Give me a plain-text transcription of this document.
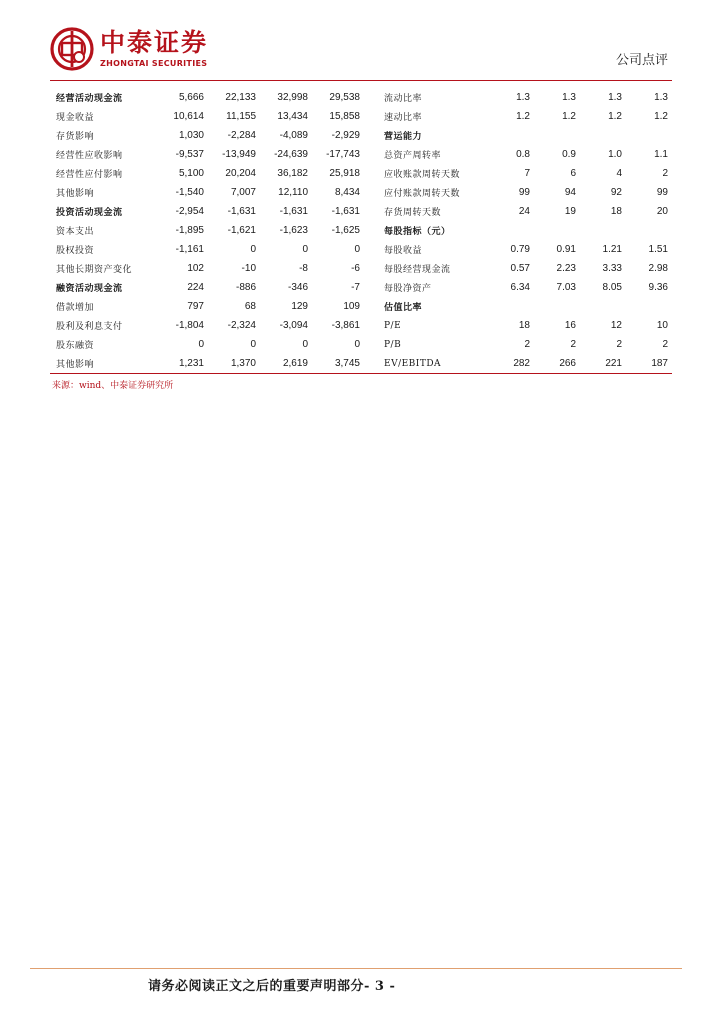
中泰证券
ZHONGTAI SECURITIES	公司点评
经营活动现金流	5,666	22,133	32,998	29,538	流动比率	1.3	1.3	1.3	1.3
现金收益	10,614	11,155	13,434	15,858	速动比率	1.2	1.2	1.2	1.2
存货影响	1,030	-2,284	-4,089	-2,929	营运能力				
经营性应收影响	-9,537	-13,949	-24,639	-17,743	总资产周转率	0.8	0.9	1.0	1.1
经营性应付影响	5,100	20,204	36,182	25,918	应收账款周转天数	7	6	4	2
其他影响	-1,540	7,007	12,110	8,434	应付账款周转天数	99	94	92	99
投资活动现金流	-2,954	-1,631	-1,631	-1,631	存货周转天数	24	19	18	20
资本支出	-1,895	-1,621	-1,623	-1,625	每股指标（元）				
股权投资	-1,161	0	0	0	每股收益	0.79	0.91	1.21	1.51
其他长期资产变化	102	-10	-8	-6	每股经营现金流	0.57	2.23	3.33	2.98
融资活动现金流	224	-886	-346	-7	每股净资产	6.34	7.03	8.05	9.36
借款增加	797	68	129	109	估值比率				
股利及利息支付	-1,804	-2,324	-3,094	-3,861	P/E	18	16	12	10
股东融资	0	0	0	0	P/B	2	2	2	2
其他影响	1,231	1,370	2,619	3,745	EV/EBITDA	282	266	221	187
来源：wind、中泰证券研究所
请务必阅读正文之后的重要声明部分- 3 -
